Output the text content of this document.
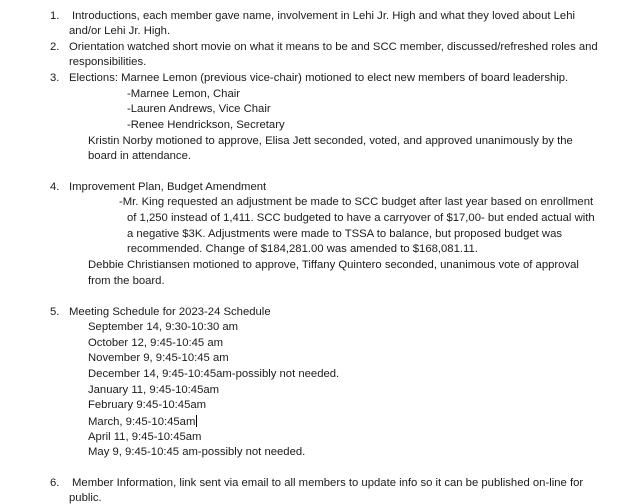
1. Introductions, each member gave name, involvement in Lehi Jr. High and what they loved about Lehi
and/or Lehi Jr. High.
2. Orientation watched short movie on what it means to be and SCC member, discussed/refreshed roles and
responsibilities.
3. Elections: Marnee Lemon (previous vice-chair) motioned to elect new members of board leadership.
-Marnee Lemon, Chair
-Lauren Andrews, Vice Chair
-Renee Hendrickson, Secretary
Kristin Norby motioned to approve, Elisa Jett seconded, voted, and approved unanimously by the
board in attendance.
4. Improvement Plan, Budget Amendment
-Mr. King requested an adjustment be made to SCC budget after last year based on enrollment
of 1,250 instead of 1,411. SCC budgeted to have a carryover of $17,00- but ended actual with
a negative $3K. Adjustments were made to TSSA to balance, but proposed budget was
recommended. Change of $184,281.00 was amended to $168,081.11.
Debbie Christiansen motioned to approve, Tiffany Quintero seconded, unanimous vote of approval
from the board.
5. Meeting Schedule for 2023-24 Schedule
September 14, 9:30-10:30 am
October 12, 9:45-10:45 am
November 9, 9:45-10:45 am
December 14, 9:45-10:45am-possibly not needed.
January 11, 9:45-10:45am
February 9:45-10:45am
March, 9:45-10:45am
April 11, 9:45-10:45am
May 9, 9:45-10:45 am-possibly not needed.
6. Member Information, link sent via email to all members to update info so it can be published on-line for
public.
